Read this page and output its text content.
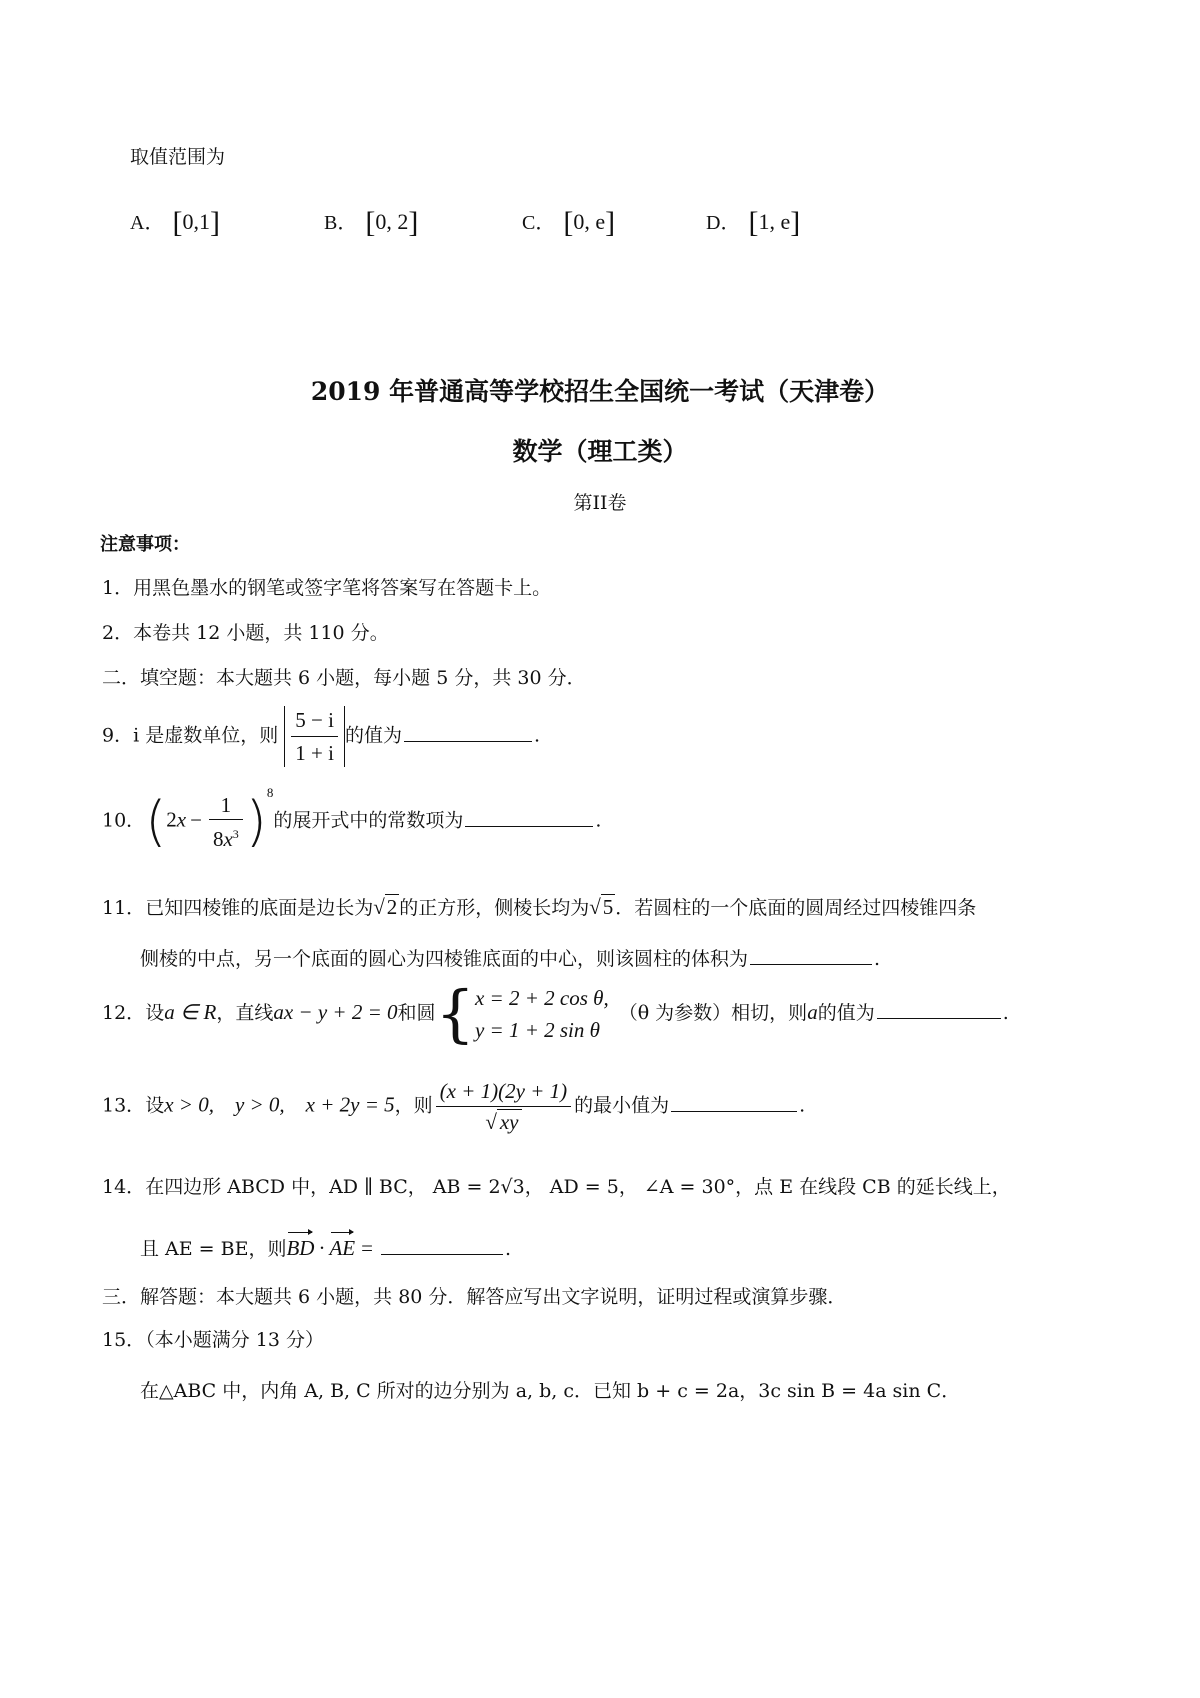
取值范围为
A． [0,1]	B． [0, 2]	C． [0, e]	D． [1, e]
2019 年普通高等学校招生全国统一考试（天津卷）
数学（理工类）
第II卷
注意事项：
1．用黑色墨水的钢笔或签字笔将答案写在答题卡上。
2．本卷共 12 小题，共 110 分。
二．填空题：本大题共 6 小题，每小题 5 分，共 30 分．
9．i 是虚数单位，则 $\frac{5 - i}{1 + i}$ 的值为	.
10．$(2x - \frac{1}{8x^3} )^8$的展开式中的常数项为	.
11．已知四棱锥的底面是边长为√2 的正方形，侧棱长均为√5 ．若圆柱的一个底面的圆周经过四棱锥四条
侧棱的中点，另一个底面的圆心为四棱锥底面的中心，则该圆柱的体积为	.
12．设a ∈ R，直线ax − y + 2 = 0和圆{ x = 2 + 2 cos θ,
y = 1 + 2 sin θ
（θ 为参数）相切，则a的值为	.
13．设x > 0,    y > 0,    x + 2y = 5，则 $\frac{(x + 1)(2y + 1)}{√ xy}$ 的最小值为	.
14．在四边形 ABCD 中，AD ∥ BC， AB = 2√3， AD = 5， ∠A = 30°，点 E 在线段 CB 的延长线上，
且 AE = BE，则BD · AE =	.
三．解答题：本大题共 6 小题，共 80 分．解答应写出文字说明，证明过程或演算步骤．
15．（本小题满分 13 分）
在△ABC 中，内角 A, B, C 所对的边分别为 a, b, c．已知 b + c = 2a，3c sin B = 4a sin C．
